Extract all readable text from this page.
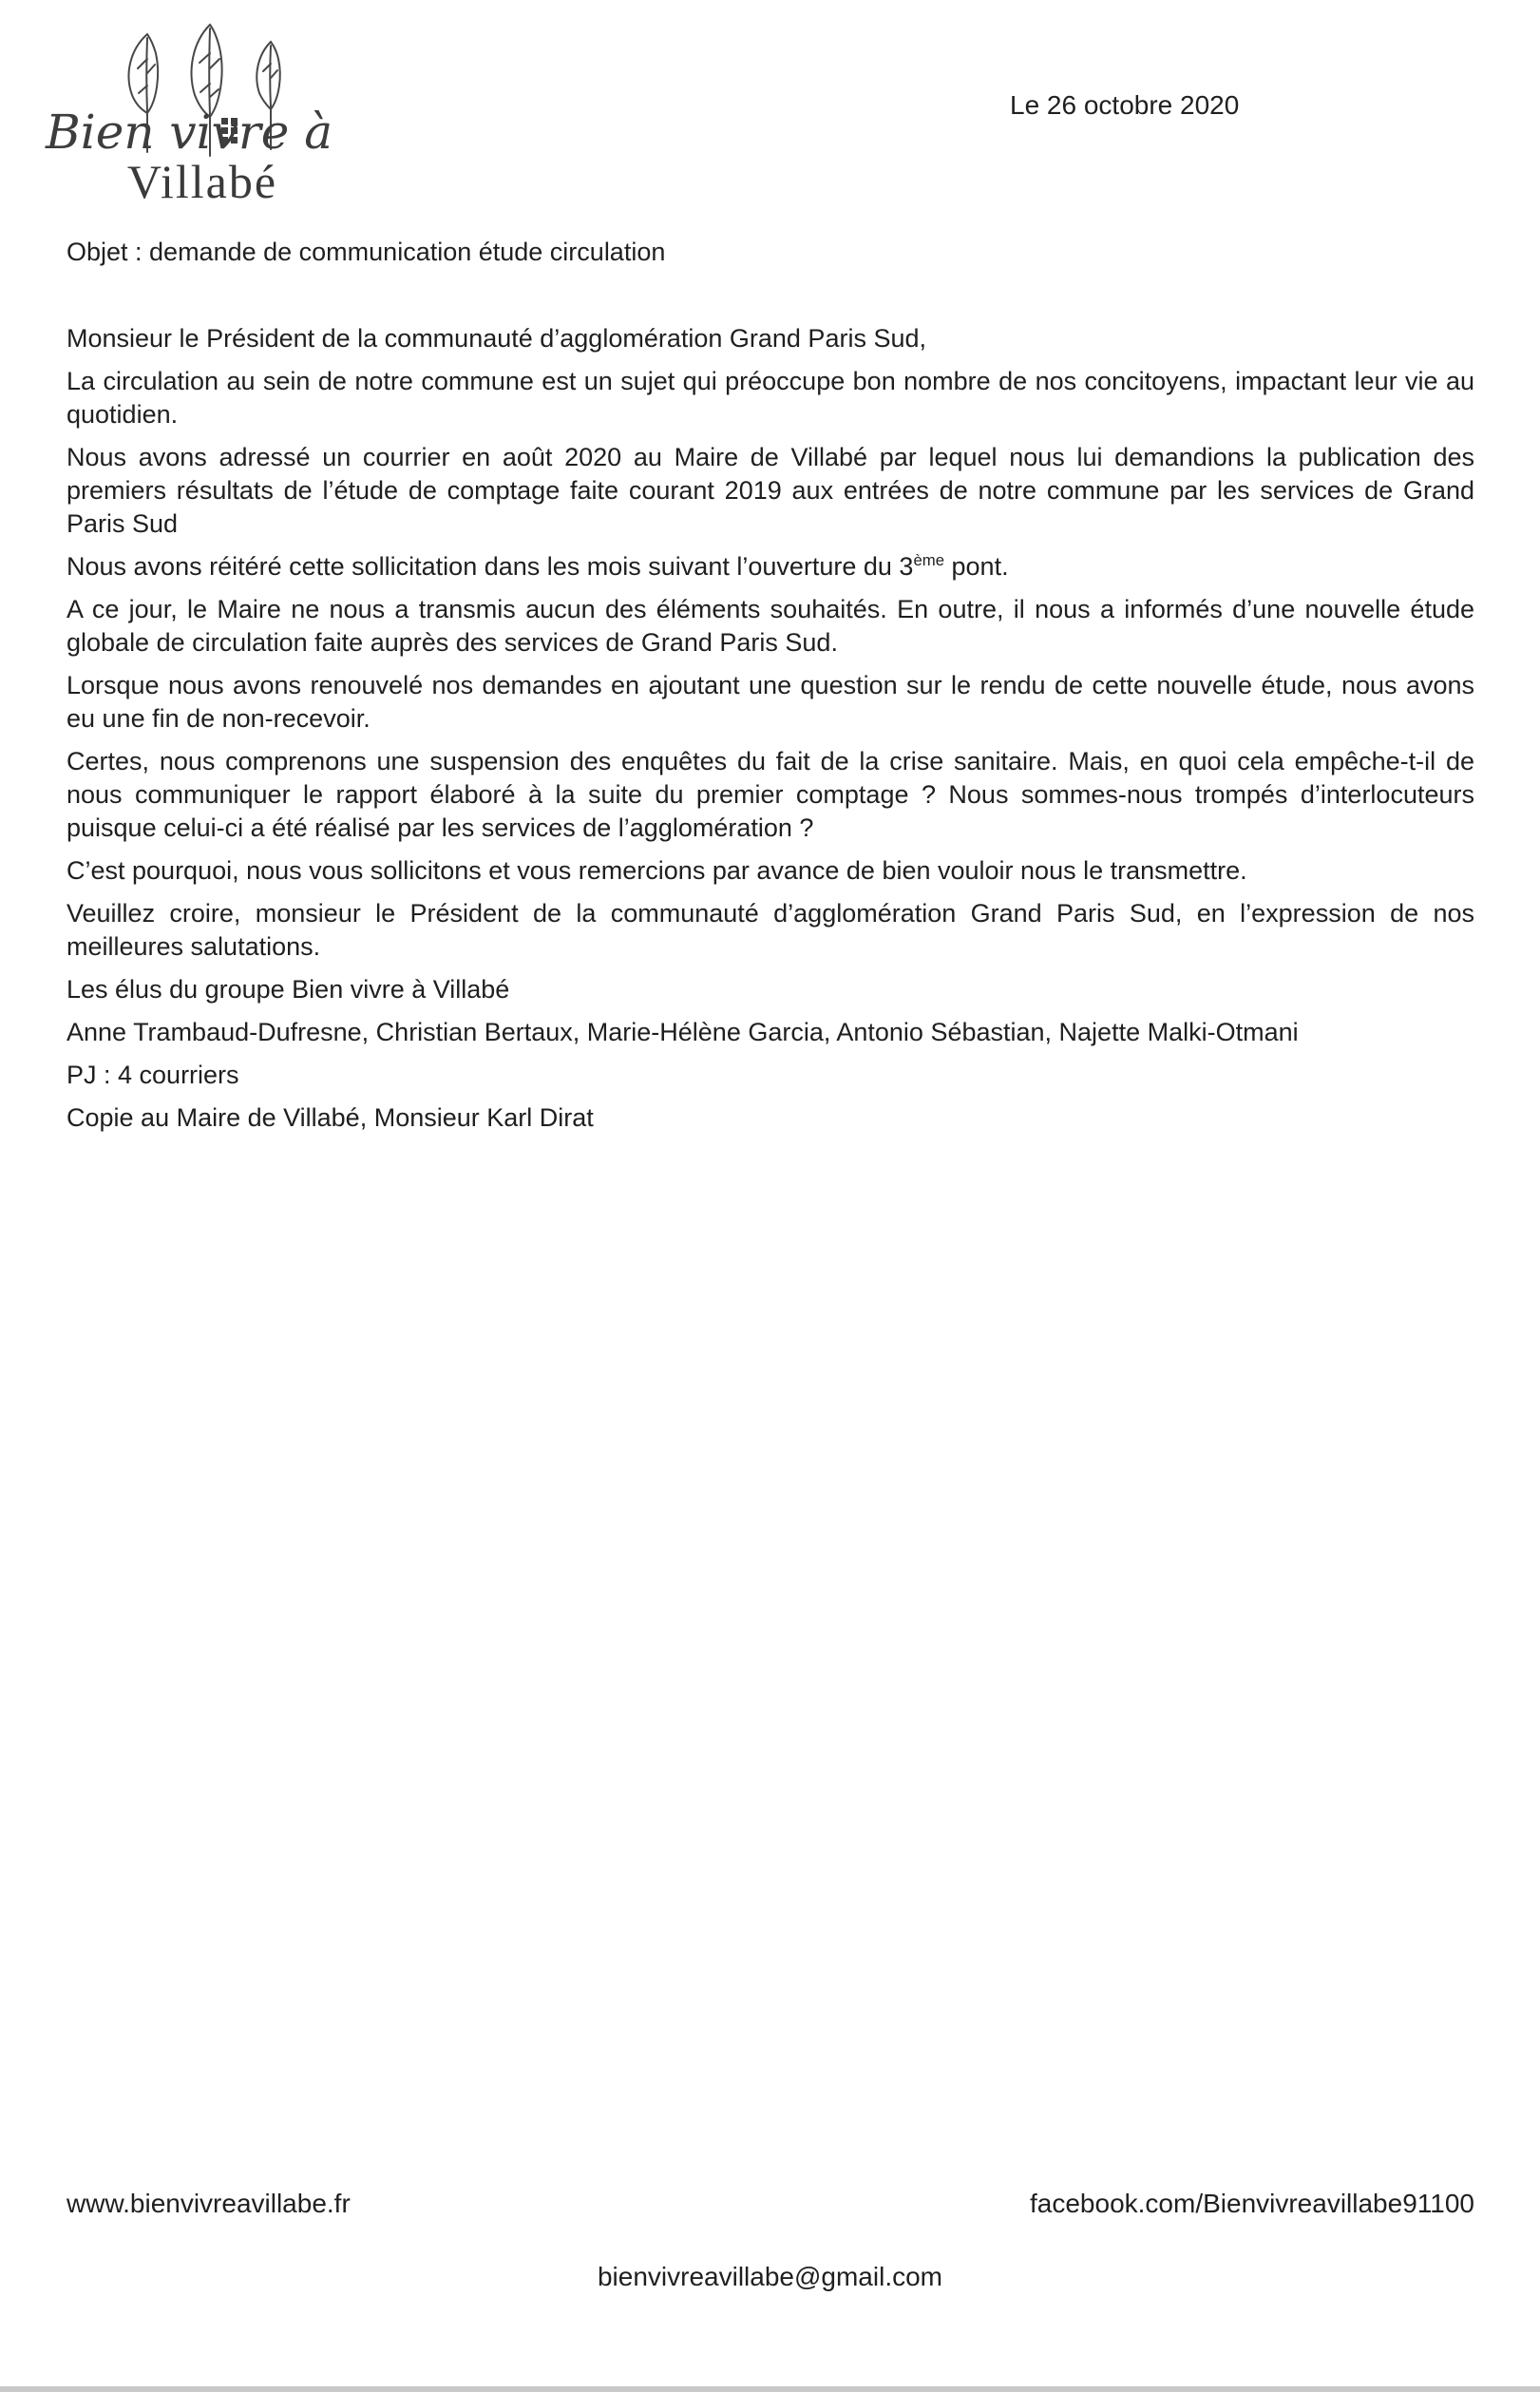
Bien vivre à
Villabé
Le 26 octobre 2020

Objet : demande de communication étude circulation

Monsieur le Président de la communauté d’agglomération Grand Paris Sud,

La circulation au sein de notre commune est un sujet qui préoccupe bon nombre de nos concitoyens, impactant leur vie au quotidien.

Nous avons adressé un courrier en août 2020 au Maire de Villabé par lequel nous lui demandions la publication des premiers résultats de l’étude de comptage faite courant 2019 aux entrées de notre commune par les services de Grand Paris Sud

Nous avons réitéré cette sollicitation dans les mois suivant l’ouverture du 3ème pont.

A ce jour, le Maire ne nous a transmis aucun des éléments souhaités. En outre, il nous a informés d’une nouvelle étude globale de circulation faite auprès des services de Grand Paris Sud.

Lorsque nous avons renouvelé nos demandes en ajoutant une question sur le rendu de cette nouvelle étude, nous avons eu une fin de non-recevoir.

Certes, nous comprenons une suspension des enquêtes du fait de la crise sanitaire. Mais, en quoi cela empêche-t-il de nous communiquer le rapport élaboré à la suite du premier comptage ? Nous sommes-nous trompés d’interlocuteurs puisque celui-ci a été réalisé par les services de l’agglomération ?

C’est pourquoi, nous vous sollicitons et vous remercions par avance de bien vouloir nous le transmettre.

Veuillez croire, monsieur le Président de la communauté d’agglomération Grand Paris Sud, en l’expression de nos meilleures salutations.

Les élus du groupe Bien vivre à Villabé

Anne Trambaud-Dufresne, Christian Bertaux, Marie-Hélène Garcia, Antonio Sébastian, Najette Malki-Otmani

PJ : 4 courriers

Copie au Maire de Villabé, Monsieur Karl Dirat

www.bienvivreavillabe.fr	facebook.com/Bienvivreavillabe91100
bienvivreavillabe@gmail.com
